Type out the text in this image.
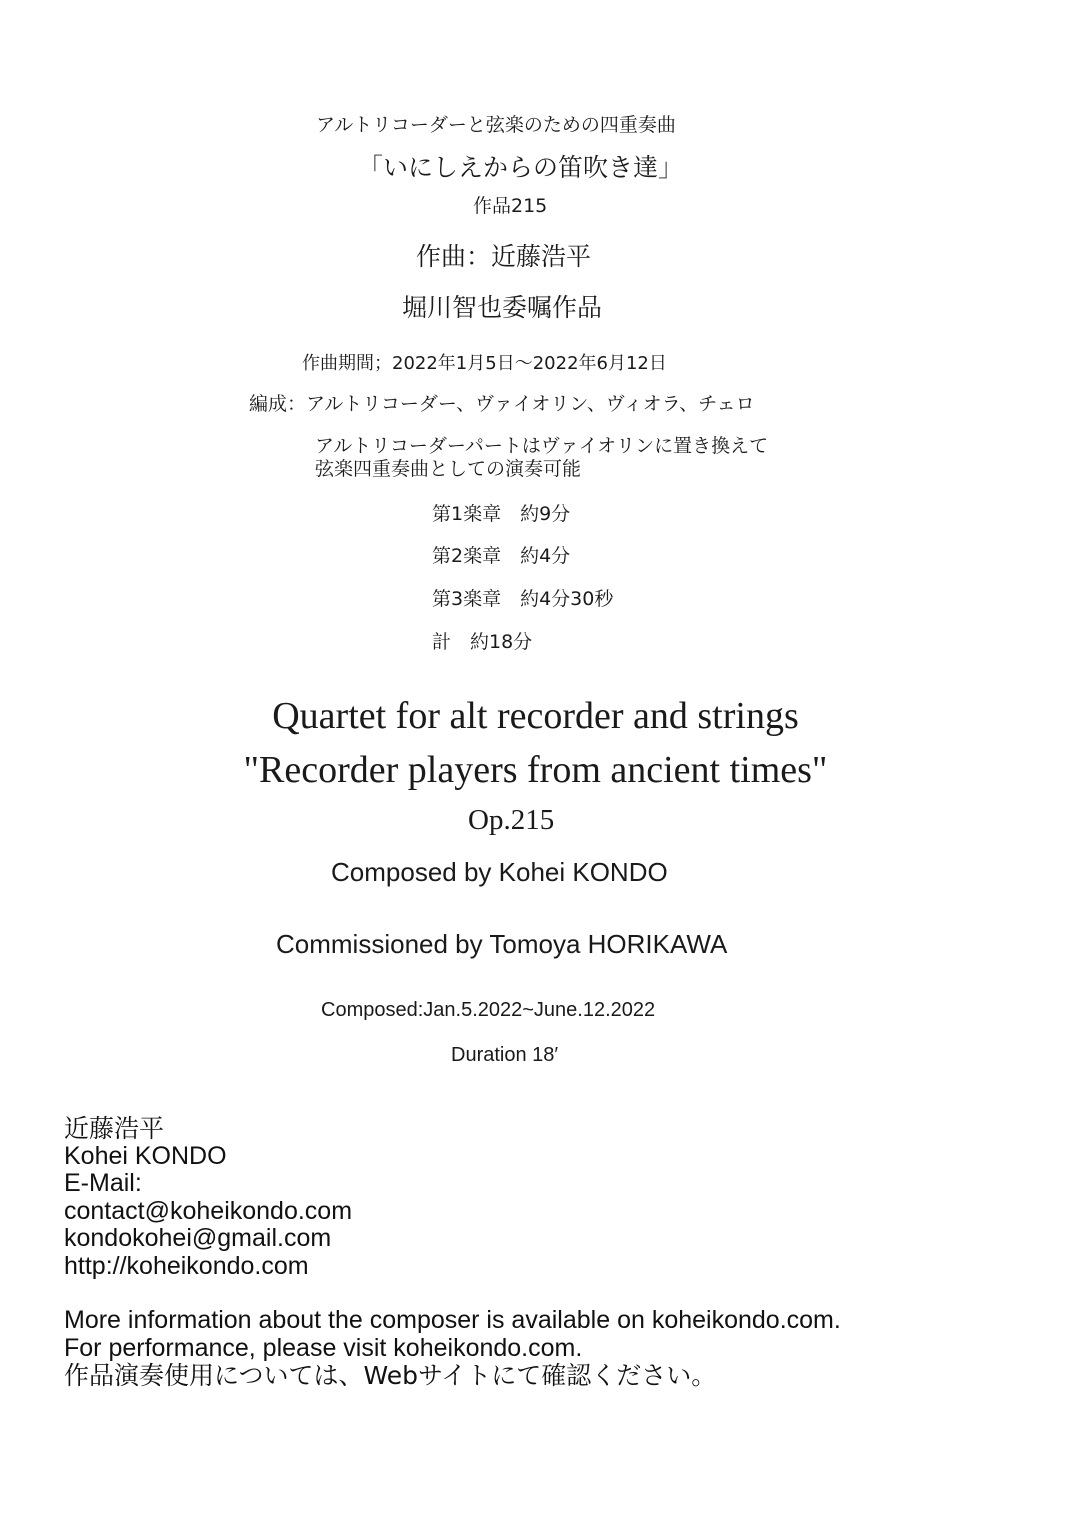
アルトリコーダーと弦楽のための四重奏曲
「いにしえからの笛吹き達」
作品215
作曲：近藤浩平
堀川智也委嘱作品
作曲期間；2022年1月5日〜2022年6月12日
編成：アルトリコーダー、ヴァイオリン、ヴィオラ、チェロ
アルトリコーダーパートはヴァイオリンに置き換えて
弦楽四重奏曲としての演奏可能
第1楽章　約9分
第2楽章　約4分
第3楽章　約4分30秒
計　約18分
Quartet for alt recorder and strings
"Recorder players from ancient times"
Op.215
Composed by Kohei KONDO
Commissioned by Tomoya HORIKAWA
Composed:Jan.5.2022~June.12.2022
Duration 18′
近藤浩平
Kohei KONDO
E-Mail:
contact@koheikondo.com
kondokohei@gmail.com
http://koheikondo.com
More information about the composer is available on koheikondo.com.
For performance, please visit koheikondo.com.
作品演奏使用については、Webサイトにて確認ください。
